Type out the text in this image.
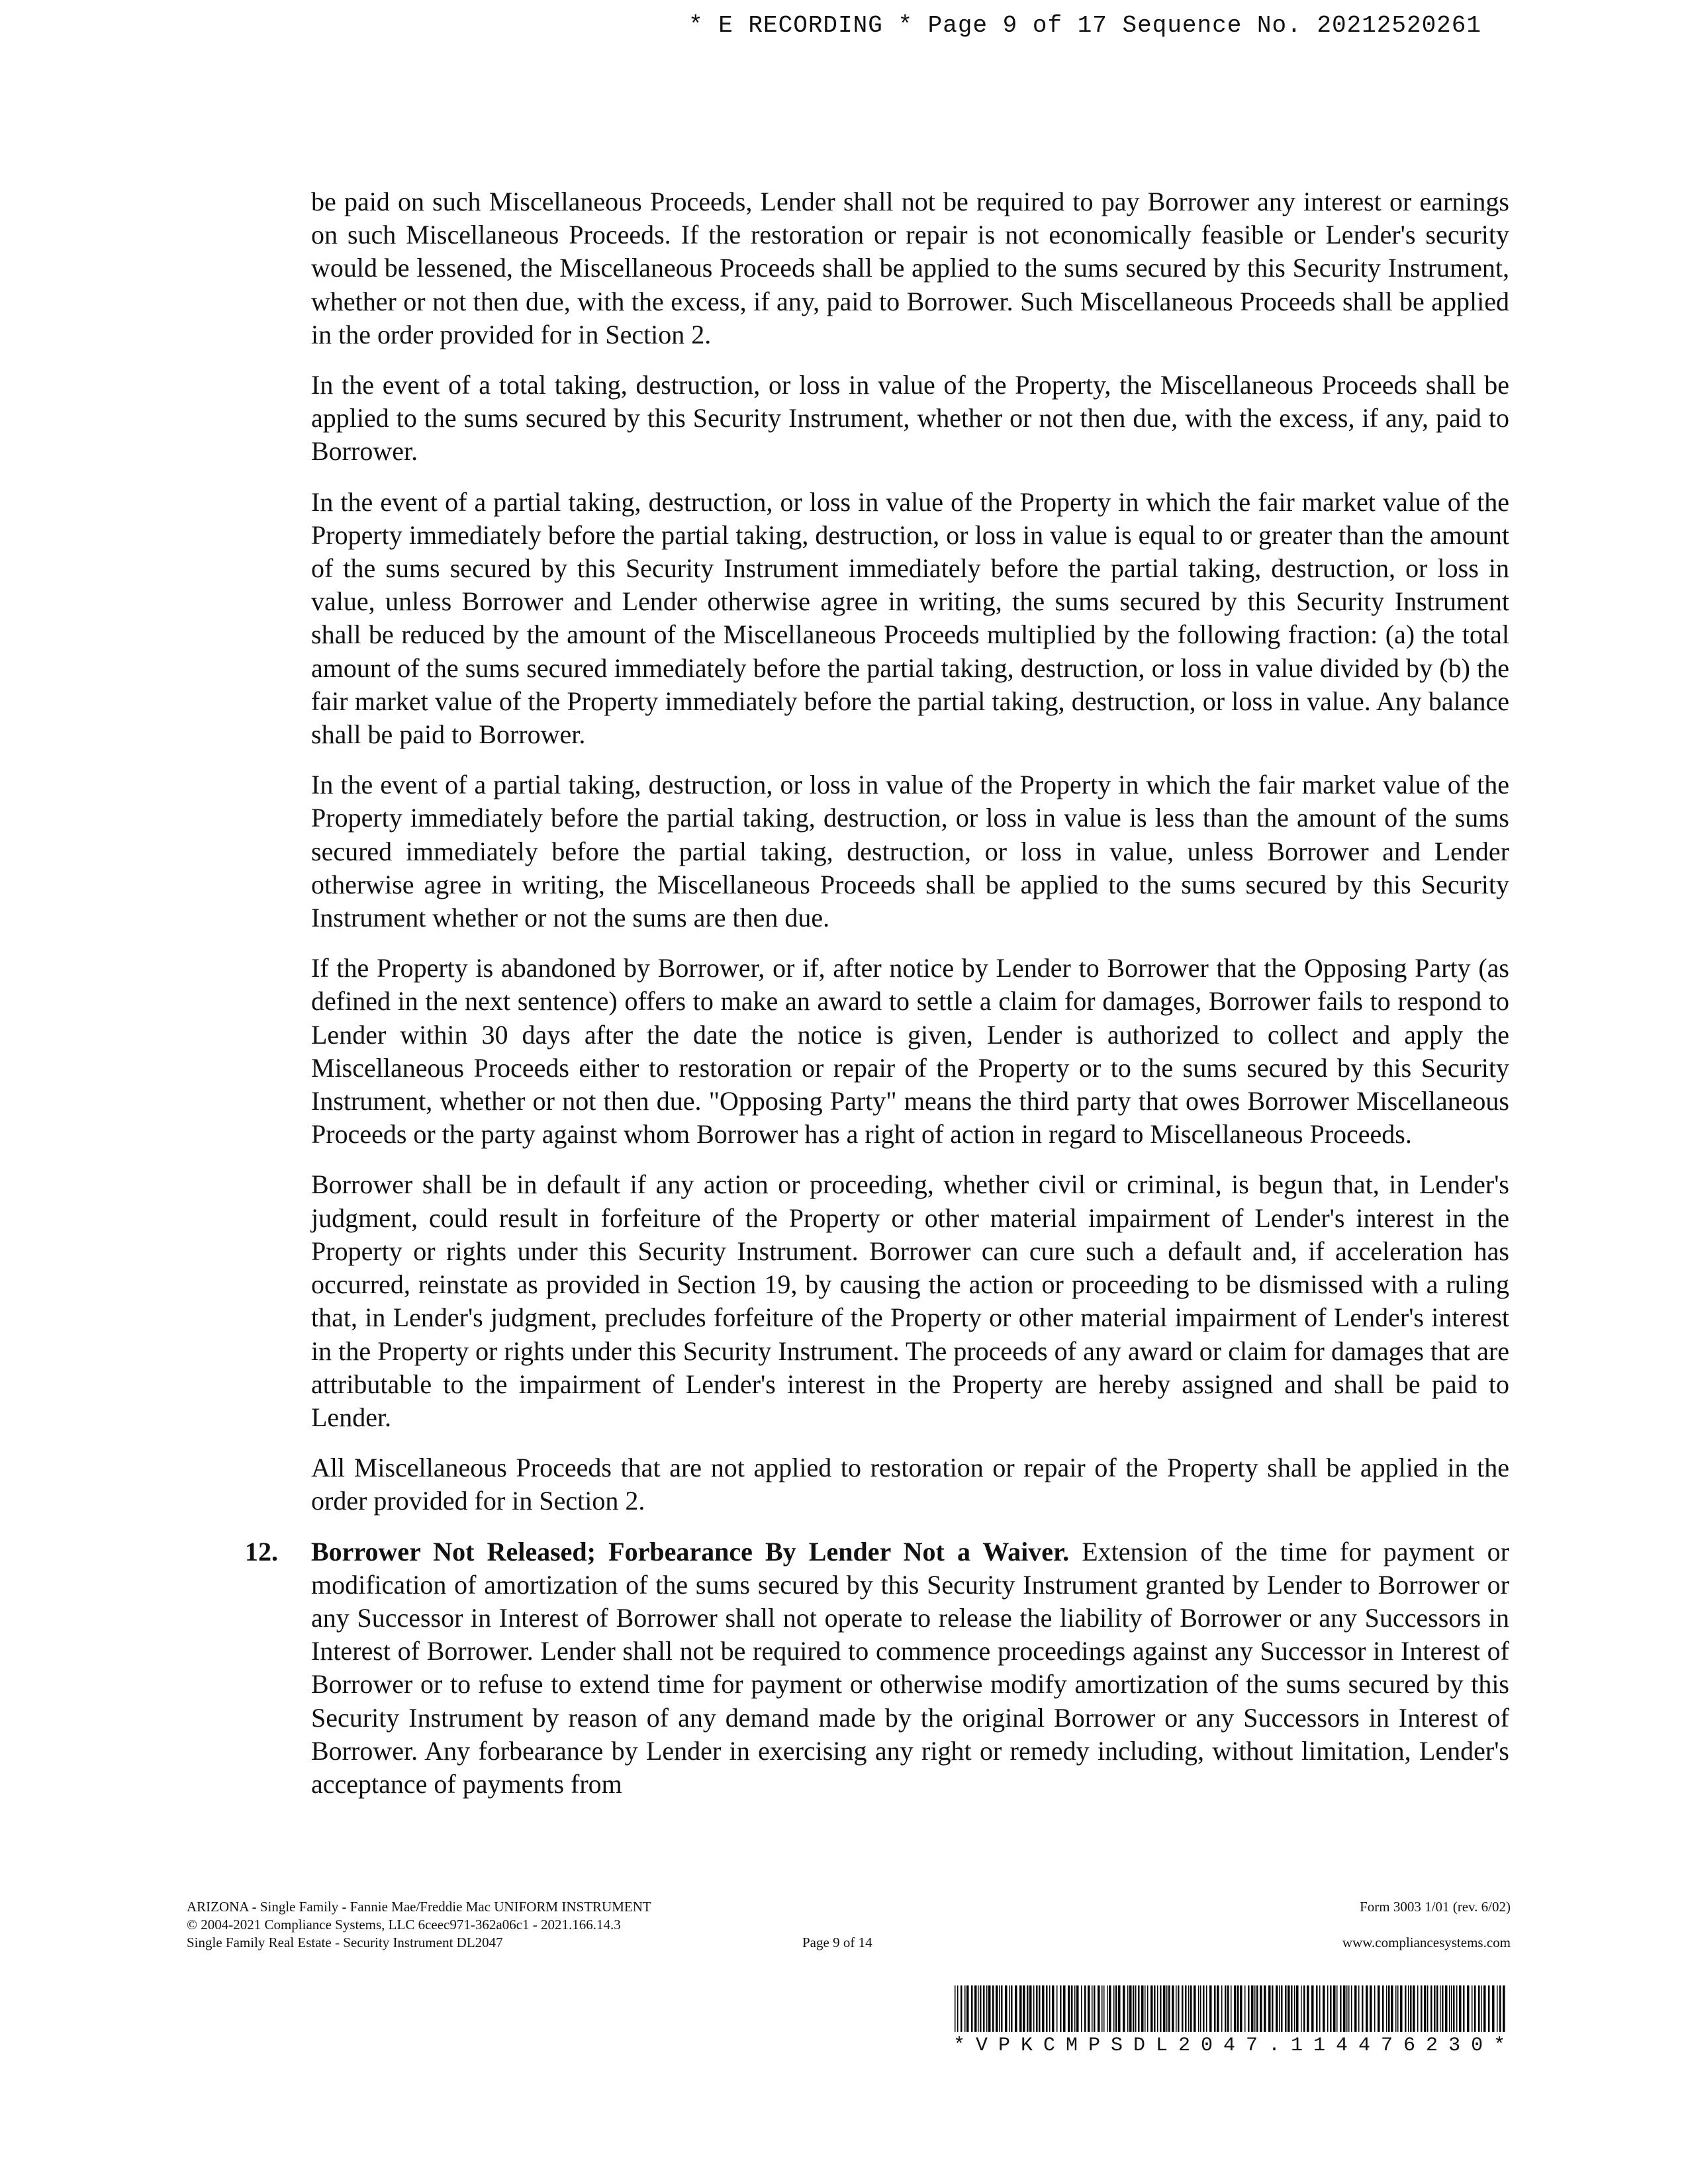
* E RECORDING * Page 9 of 17 Sequence No. 20212520261

be paid on such Miscellaneous Proceeds, Lender shall not be required to pay Borrower any interest or earnings on such Miscellaneous Proceeds. If the restoration or repair is not economically feasible or Lender's security would be lessened, the Miscellaneous Proceeds shall be applied to the sums secured by this Security Instrument, whether or not then due, with the excess, if any, paid to Borrower. Such Miscellaneous Proceeds shall be applied in the order provided for in Section 2.

In the event of a total taking, destruction, or loss in value of the Property, the Miscellaneous Proceeds shall be applied to the sums secured by this Security Instrument, whether or not then due, with the excess, if any, paid to Borrower.

In the event of a partial taking, destruction, or loss in value of the Property in which the fair market value of the Property immediately before the partial taking, destruction, or loss in value is equal to or greater than the amount of the sums secured by this Security Instrument immediately before the partial taking, destruction, or loss in value, unless Borrower and Lender otherwise agree in writing, the sums secured by this Security Instrument shall be reduced by the amount of the Miscellaneous Proceeds multiplied by the following fraction: (a) the total amount of the sums secured immediately before the partial taking, destruction, or loss in value divided by (b) the fair market value of the Property immediately before the partial taking, destruction, or loss in value. Any balance shall be paid to Borrower.

In the event of a partial taking, destruction, or loss in value of the Property in which the fair market value of the Property immediately before the partial taking, destruction, or loss in value is less than the amount of the sums secured immediately before the partial taking, destruction, or loss in value, unless Borrower and Lender otherwise agree in writing, the Miscellaneous Proceeds shall be applied to the sums secured by this Security Instrument whether or not the sums are then due.

If the Property is abandoned by Borrower, or if, after notice by Lender to Borrower that the Opposing Party (as defined in the next sentence) offers to make an award to settle a claim for damages, Borrower fails to respond to Lender within 30 days after the date the notice is given, Lender is authorized to collect and apply the Miscellaneous Proceeds either to restoration or repair of the Property or to the sums secured by this Security Instrument, whether or not then due. "Opposing Party" means the third party that owes Borrower Miscellaneous Proceeds or the party against whom Borrower has a right of action in regard to Miscellaneous Proceeds.

Borrower shall be in default if any action or proceeding, whether civil or criminal, is begun that, in Lender's judgment, could result in forfeiture of the Property or other material impairment of Lender's interest in the Property or rights under this Security Instrument. Borrower can cure such a default and, if acceleration has occurred, reinstate as provided in Section 19, by causing the action or proceeding to be dismissed with a ruling that, in Lender's judgment, precludes forfeiture of the Property or other material impairment of Lender's interest in the Property or rights under this Security Instrument. The proceeds of any award or claim for damages that are attributable to the impairment of Lender's interest in the Property are hereby assigned and shall be paid to Lender.

All Miscellaneous Proceeds that are not applied to restoration or repair of the Property shall be applied in the order provided for in Section 2.

12. Borrower Not Released; Forbearance By Lender Not a Waiver. Extension of the time for payment or modification of amortization of the sums secured by this Security Instrument granted by Lender to Borrower or any Successor in Interest of Borrower shall not operate to release the liability of Borrower or any Successors in Interest of Borrower. Lender shall not be required to commence proceedings against any Successor in Interest of Borrower or to refuse to extend time for payment or otherwise modify amortization of the sums secured by this Security Instrument by reason of any demand made by the original Borrower or any Successors in Interest of Borrower. Any forbearance by Lender in exercising any right or remedy including, without limitation, Lender's acceptance of payments from

ARIZONA - Single Family - Fannie Mae/Freddie Mac UNIFORM INSTRUMENT
© 2004-2021 Compliance Systems, LLC 6ceec971-362a06c1 - 2021.166.14.3
Single Family Real Estate - Security Instrument DL2047	Page 9 of 14
Form 3003 1/01 (rev. 6/02)

www.compliancesystems.com
*VPKCMPSDL2047.114476230*
